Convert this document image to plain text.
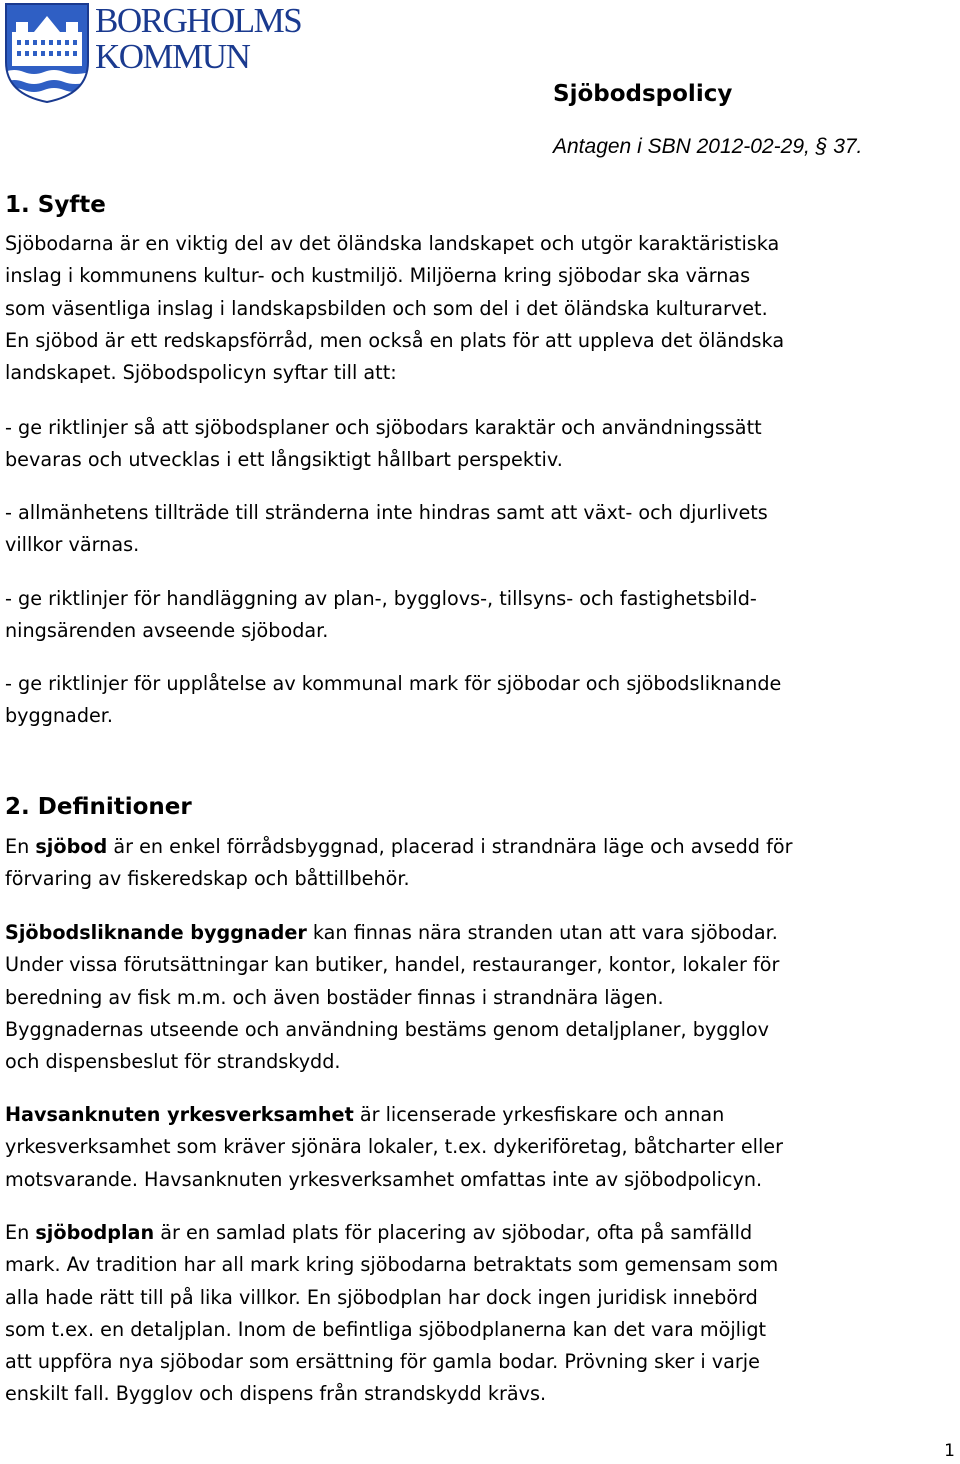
BORGHOLMS
KOMMUN
Sjöbodspolicy
Antagen i SBN 2012-02-29, § 37.
1. Syfte

Sjöbodarna är en viktig del av det öländska landskapet och utgör karaktäristiska
inslag i kommunens kultur- och kustmiljö. Miljöerna kring sjöbodar ska värnas
som väsentliga inslag i landskapsbilden och som del i det öländska kulturarvet.
En sjöbod är ett redskapsförråd, men också en plats för att uppleva det öländska
landskapet. Sjöbodspolicyn syftar till att:

- ge riktlinjer så att sjöbodsplaner och sjöbodars karaktär och användningssätt
bevaras och utvecklas i ett långsiktigt hållbart perspektiv.

- allmänhetens tillträde till stränderna inte hindras samt att växt- och djurlivets
villkor värnas.

- ge riktlinjer för handläggning av plan-, bygglovs-, tillsyns- och fastighetsbild-
ningsärenden avseende sjöbodar.

- ge riktlinjer för upplåtelse av kommunal mark för sjöbodar och sjöbodsliknande
byggnader.

2. Definitioner

En sjöbod är en enkel förrådsbyggnad, placerad i strandnära läge och avsedd för
förvaring av fiskeredskap och båttillbehör.

Sjöbodsliknande byggnader kan finnas nära stranden utan att vara sjöbodar.
Under vissa förutsättningar kan butiker, handel, restauranger, kontor, lokaler för
beredning av fisk m.m. och även bostäder finnas i strandnära lägen.
Byggnadernas utseende och användning bestäms genom detaljplaner, bygglov
och dispensbeslut för strandskydd.

Havsanknuten yrkesverksamhet är licenserade yrkesfiskare och annan
yrkesverksamhet som kräver sjönära lokaler, t.ex. dykeriföretag, båtcharter eller
motsvarande. Havsanknuten yrkesverksamhet omfattas inte av sjöbodpolicyn.

En sjöbodplan är en samlad plats för placering av sjöbodar, ofta på samfälld
mark. Av tradition har all mark kring sjöbodarna betraktats som gemensam som
alla hade rätt till på lika villkor. En sjöbodplan har dock ingen juridisk innebörd
som t.ex. en detaljplan. Inom de befintliga sjöbodplanerna kan det vara möjligt
att uppföra nya sjöbodar som ersättning för gamla bodar. Prövning sker i varje
enskilt fall. Bygglov och dispens från strandskydd krävs.

1
